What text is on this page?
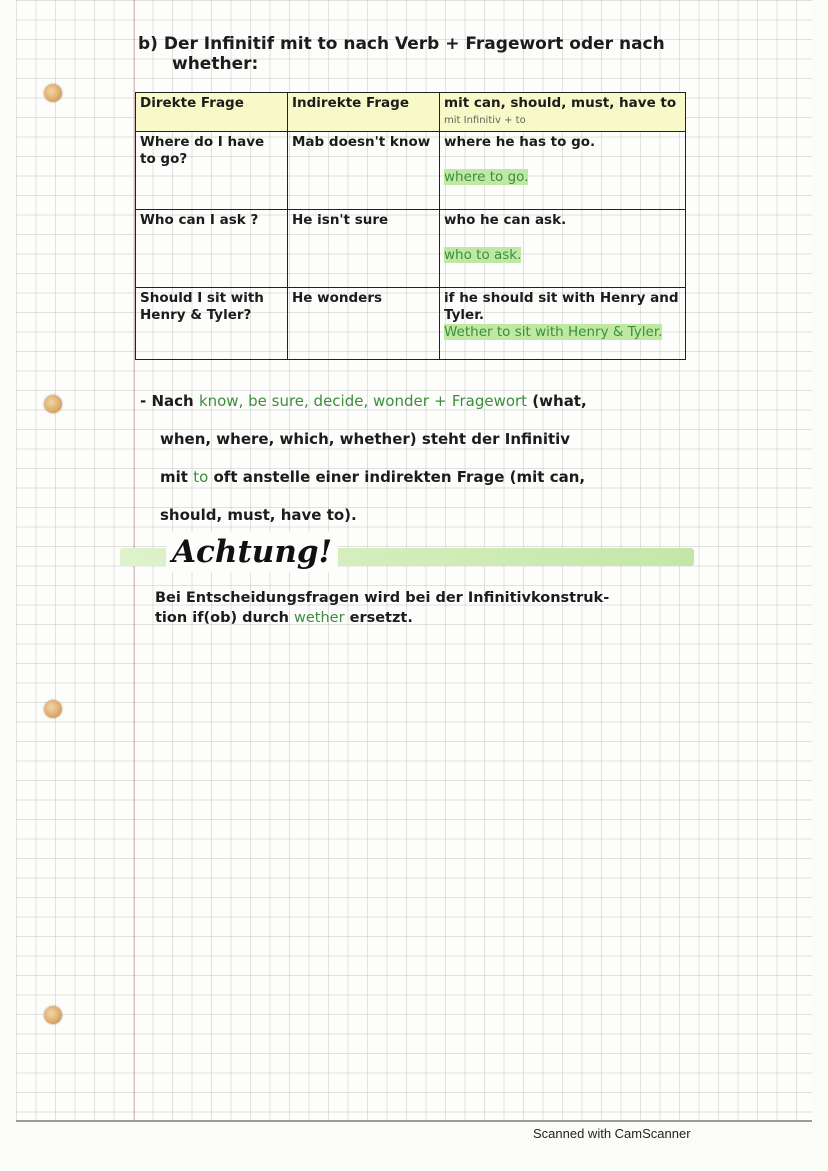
b) Der Infinitif mit to nach Verb + Fragewort oder nach
whether:
Direkte Frage	Indirekte Frage	mit can, should, must, have to
mit Infinitiv + to

Where do I have to go?	Mab doesn't know	where he has to go.
where to go.

Who can I ask ?	He isn't sure	who he can ask.
who to ask.

Should I sit with Henry & Tyler?	He wonders	if he should sit with Henry and Tyler.
Wether to sit with Henry & Tyler.
- Nach know, be sure, decide, wonder + Fragewort (what,
when, where, which, whether) steht der Infinitiv
mit to oft anstelle einer indirekten Frage (mit can,
should, must, have to).
Achtung!
Bei Entscheidungsfragen wird bei der Infinitivkonstruk-
tion if(ob) durch wether ersetzt.
Scanned with CamScanner
